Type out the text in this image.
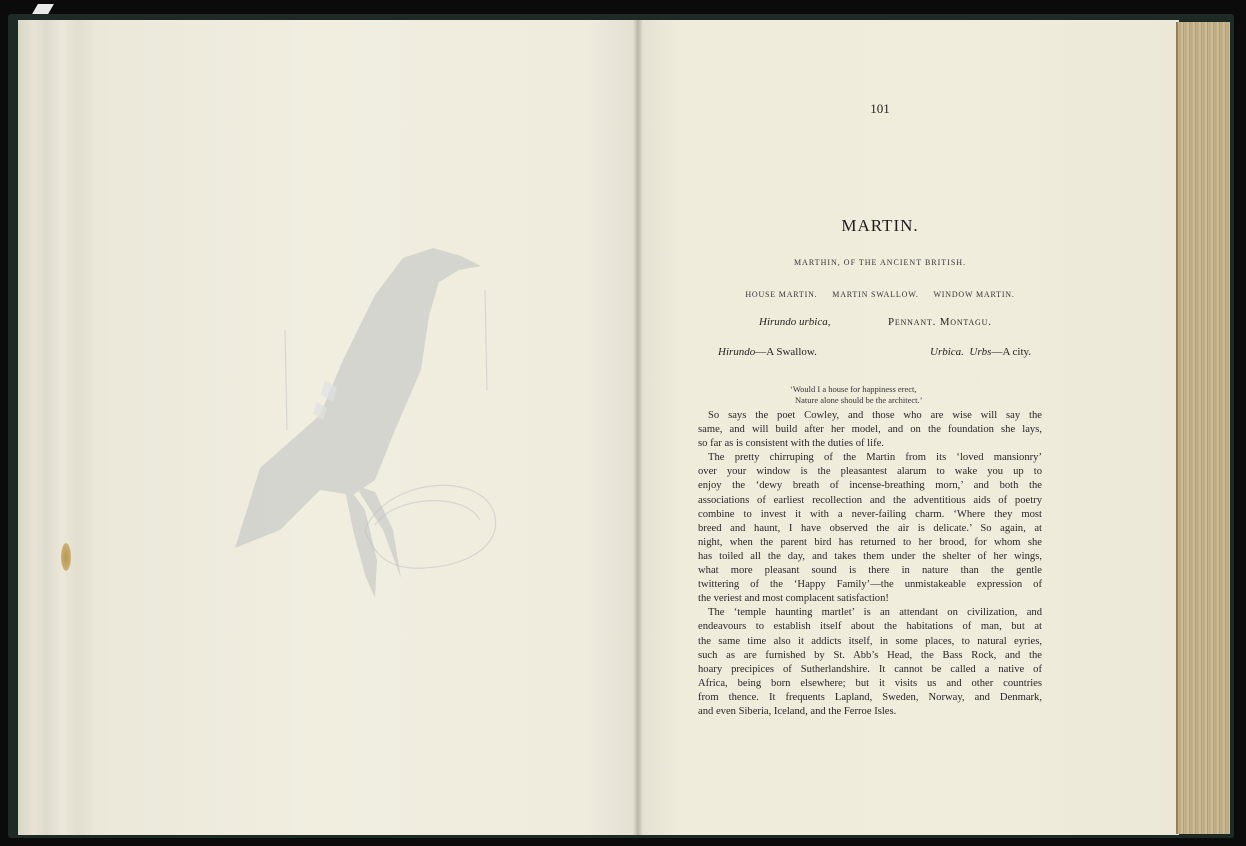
101
MARTIN.
MARTHIN, OF THE ANCIENT BRITISH.
HOUSE MARTIN. MARTIN SWALLOW. WINDOW MARTIN.
Hirundo urbica,	Pennant. Montagu.
Hirundo—A Swallow.	Urbica. Urbs—A city.
‘Would I a house for happiness erect,
Nature alone should be the architect.’
So says the poet Cowley, and those who are wise will say the
same, and will build after her model, and on the foundation she lays,
so far as is consistent with the duties of life.
The pretty chirruping of the Martin from its ‘loved mansionry’
over your window is the pleasantest alarum to wake you up to
enjoy the ‘dewy breath of incense-breathing morn,’ and both the
associations of earliest recollection and the adventitious aids of poetry
combine to invest it with a never-failing charm. ‘Where they most
breed and haunt, I have observed the air is delicate.’ So again, at
night, when the parent bird has returned to her brood, for whom she
has toiled all the day, and takes them under the shelter of her wings,
what more pleasant sound is there in nature than the gentle
twittering of the ‘Happy Family’—the unmistakeable expression of
the veriest and most complacent satisfaction!
The ‘temple haunting martlet’ is an attendant on civilization, and
endeavours to establish itself about the habitations of man, but at
the same time also it addicts itself, in some places, to natural eyries,
such as are furnished by St. Abb’s Head, the Bass Rock, and the
hoary precipices of Sutherlandshire. It cannot be called a native of
Africa, being born elsewhere; but it visits us and other countries
from thence. It frequents Lapland, Sweden, Norway, and Denmark,
and even Siberia, Iceland, and the Ferroe Isles.
